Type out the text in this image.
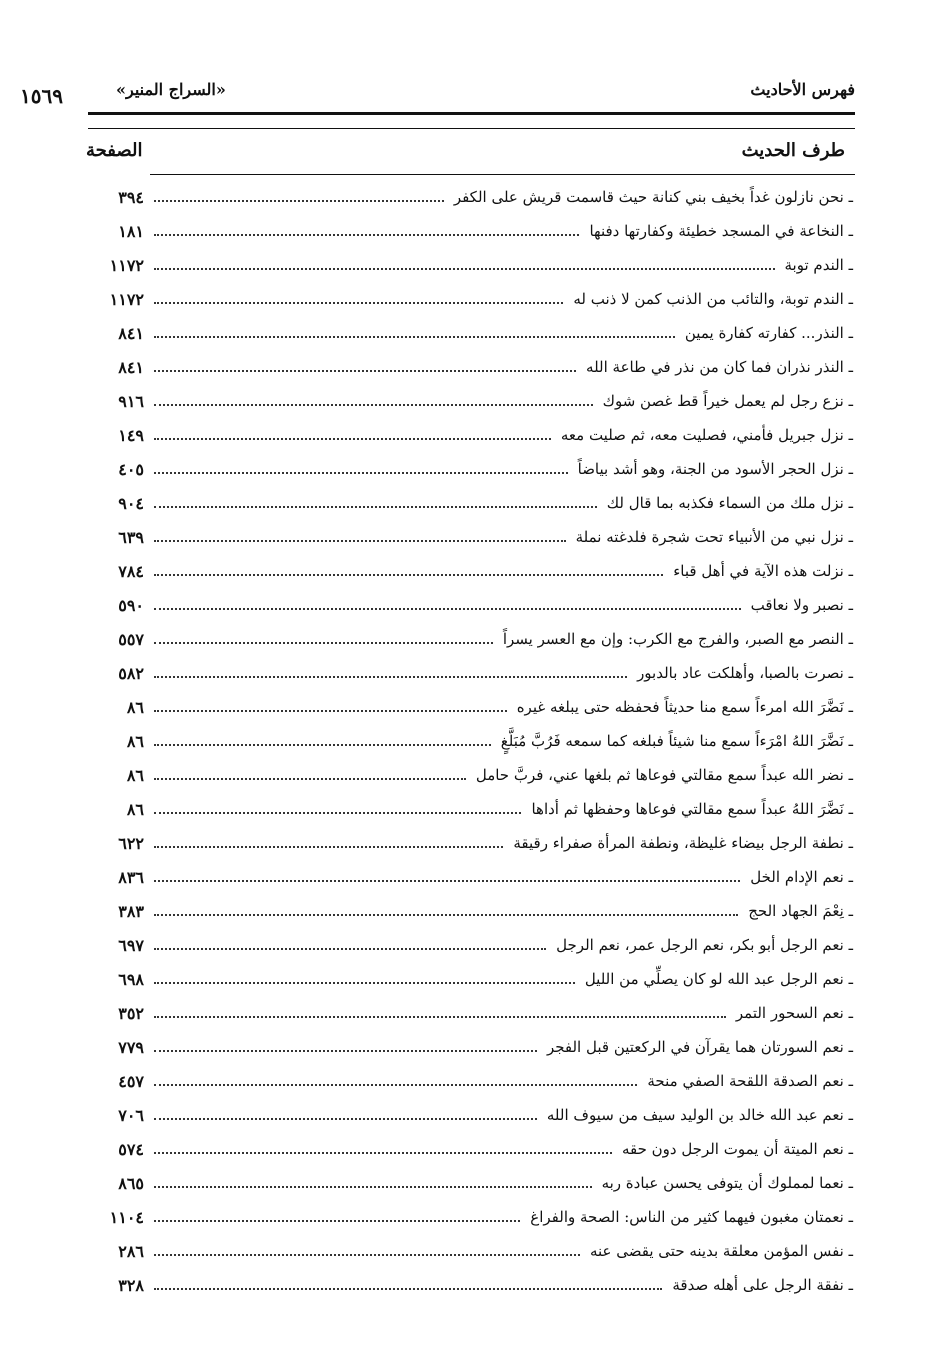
١٥٦٩	«السراج المنير»	فهرس الأحاديث
طرف الحديث
الصفحة
ـ نحن نازلون غداً بخيف بني كنانة حيث قاسمت قريش على الكفر
٣٩٤
ـ النخاعة في المسجد خطيئة وكفارتها دفنها
١٨١
ـ الندم توبة
١١٧٢
ـ الندم توبة، والتائب من الذنب كمن لا ذنب له
١١٧٢
ـ النذر... كفارته كفارة يمين
٨٤١
ـ النذر نذران فما كان من نذر في طاعة الله
٨٤١
ـ نزع رجل لم يعمل خيراً قط غصن شوك
٩١٦
ـ نزل جبريل فأمني، فصليت معه، ثم صليت معه
١٤٩
ـ نزل الحجر الأسود من الجنة، وهو أشد بياضاً
٤٠٥
ـ نزل ملك من السماء فكذبه بما قال لك
٩٠٤
ـ نزل نبي من الأنبياء تحت شجرة فلدغته نملة
٦٣٩
ـ نزلت هذه الآية في أهل قباء
٧٨٤
ـ نصبر ولا نعاقب
٥٩٠
ـ النصر مع الصبر، والفرج مع الكرب: وإن مع العسر يسراً
٥٥٧
ـ نصرت بالصبا، وأهلكت عاد بالدبور
٥٨٢
ـ نَضَّرَ الله امرءاً سمع منا حديثاً فحفظه حتى يبلغه غيره
٨٦
ـ نَضَّرَ اللهُ امْرَءاً سمع منا شيئاً فبلغه كما سمعه فَرُبَّ مُبَلَّغٍ
٨٦
ـ نضر الله عبداً سمع مقالتي فوعاها ثم بلغها عني، فربَّ حامل
٨٦
ـ نَضَّرَ اللهُ عبداً سمع مقالتي فوعاها وحفظها ثم أداها
٨٦
ـ نطفة الرجل بيضاء غليظة، ونطفة المرأة صفراء رقيقة
٦٢٢
ـ نعم الإدام الخل
٨٣٦
ـ نِعْمَ الجهاد الحج
٣٨٣
ـ نعم الرجل أبو بكر، نعم الرجل عمر، نعم الرجل
٦٩٧
ـ نعم الرجل عبد الله لو كان يصلِّي من الليل
٦٩٨
ـ نعم السحور التمر
٣٥٢
ـ نعم السورتان هما يقرآن في الركعتين قبل الفجر
٧٧٩
ـ نعم الصدقة اللقحة الصفي منحة
٤٥٧
ـ نعم عبد الله خالد بن الوليد سيف من سيوف الله
٧٠٦
ـ نعم الميتة أن يموت الرجل دون حقه
٥٧٤
ـ نعما لمملوك أن يتوفى يحسن عبادة ربه
٨٦٥
ـ نعمتان مغبون فيهما كثير من الناس: الصحة والفراغ
١١٠٤
ـ نفس المؤمن معلقة بدينه حتى يقضى عنه
٢٨٦
ـ نفقة الرجل على أهله صدقة
٣٢٨
